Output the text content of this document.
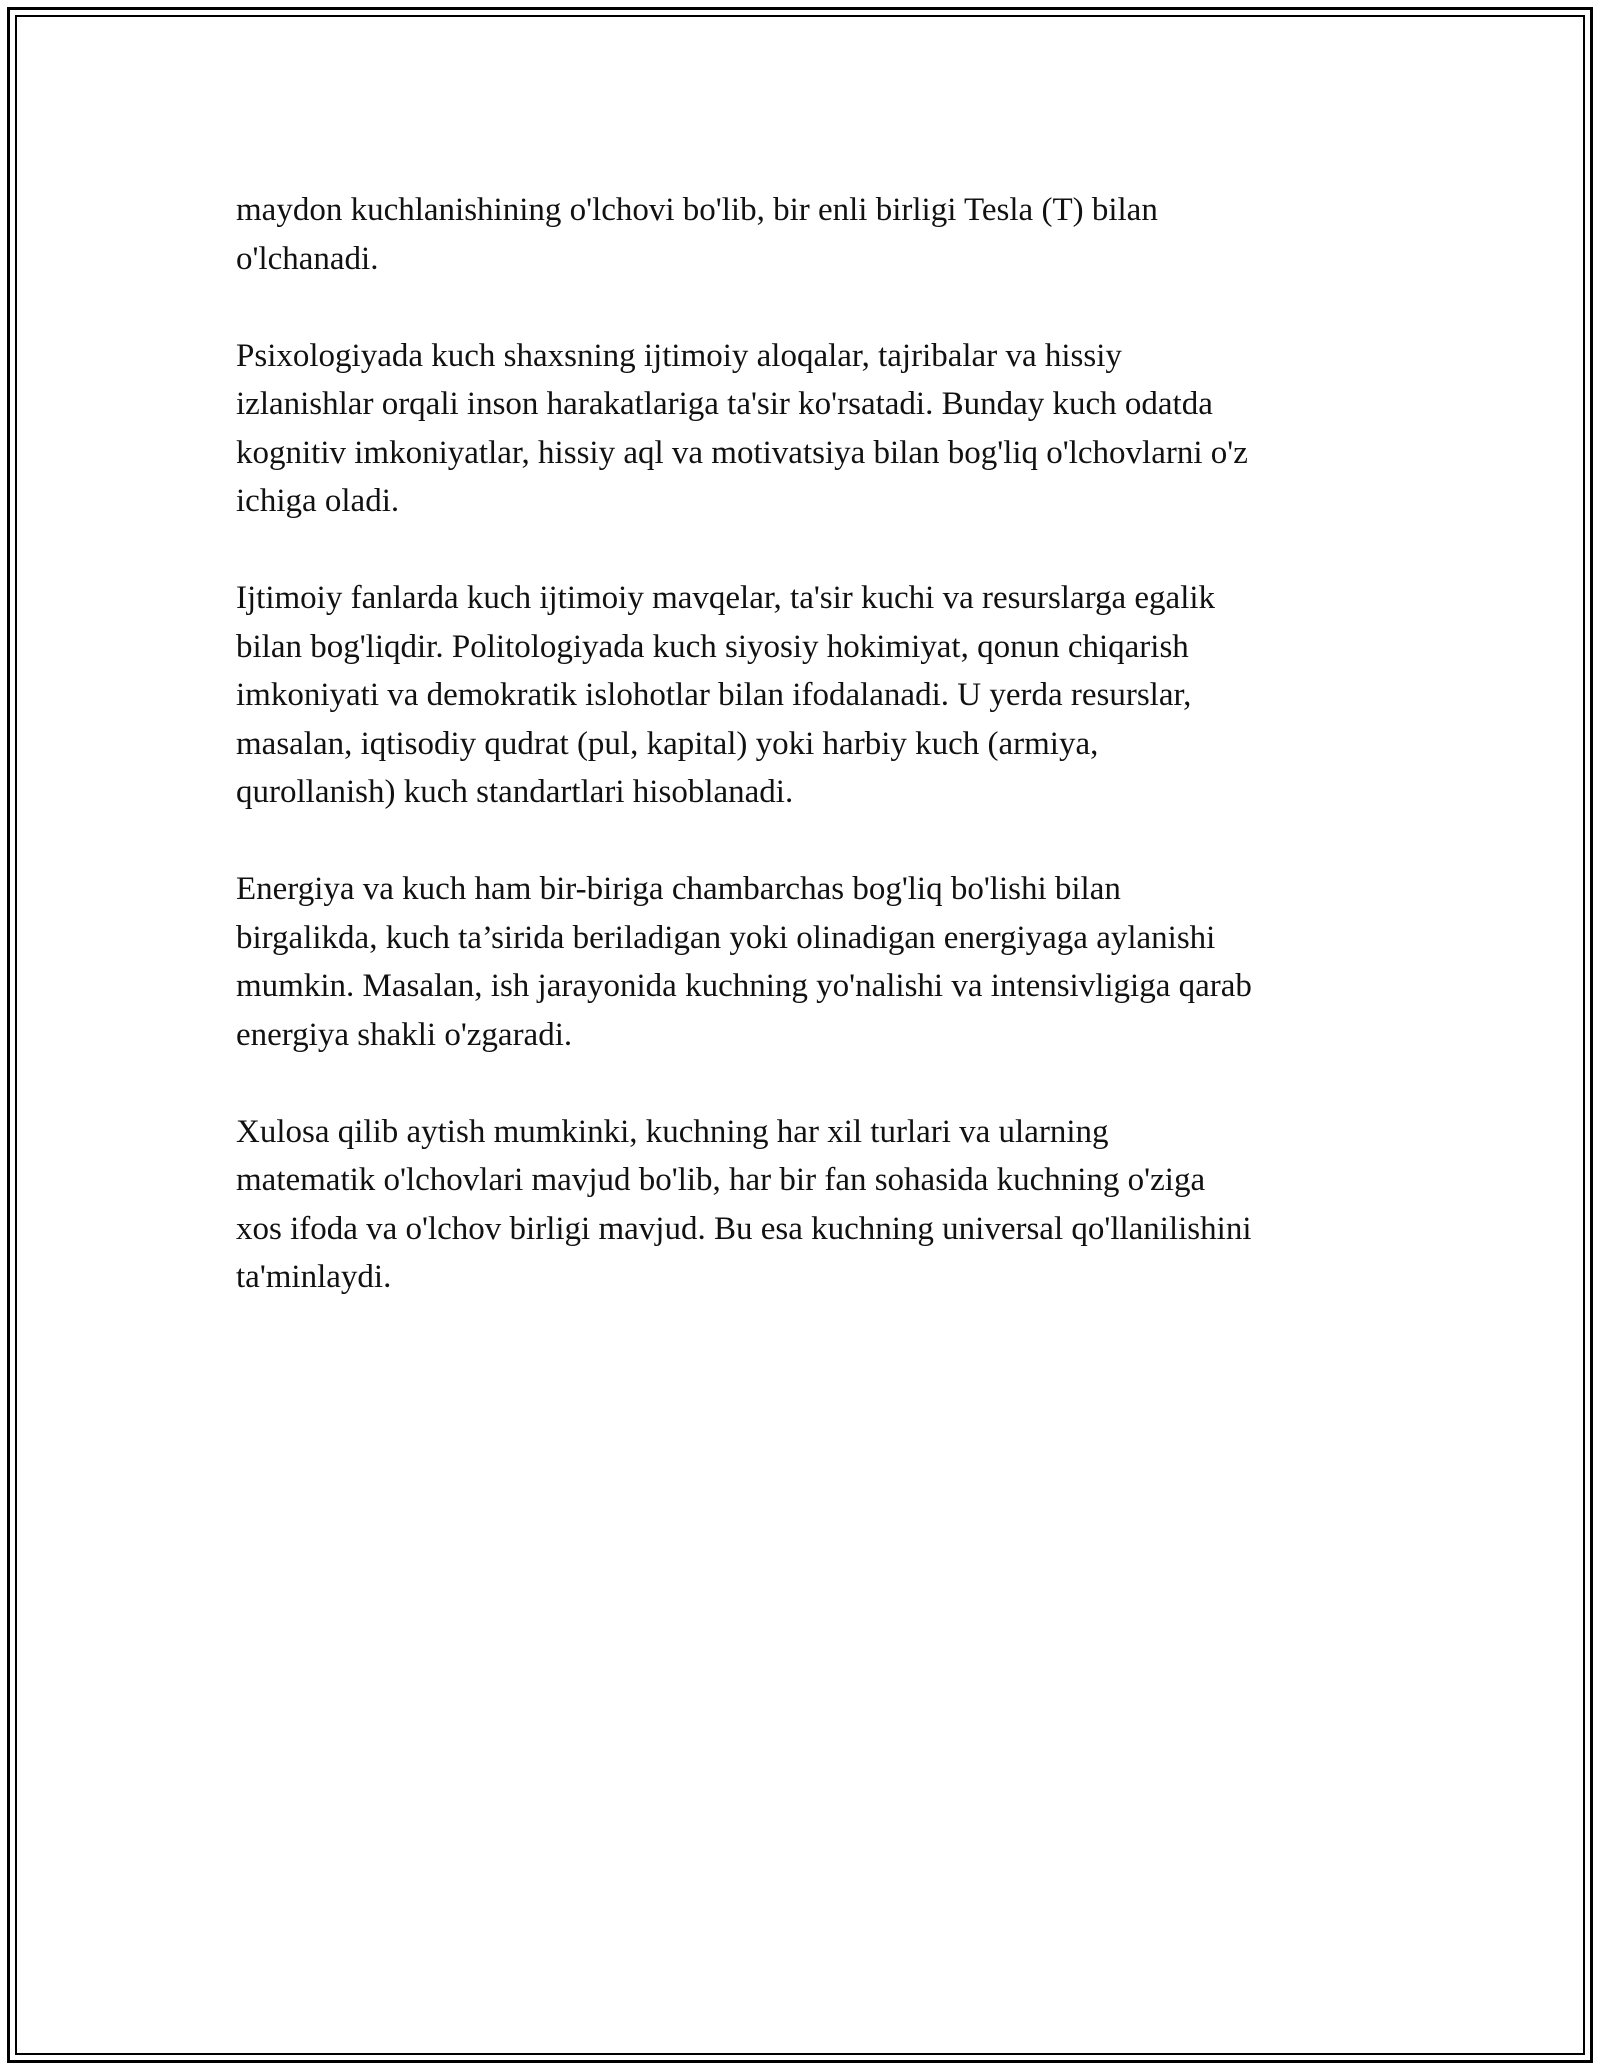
maydon kuchlanishining o'lchovi bo'lib, bir enli birligi Tesla (T) bilan
o'lchanadi.

Psixologiyada kuch shaxsning ijtimoiy aloqalar, tajribalar va hissiy
izlanishlar orqali inson harakatlariga ta'sir ko'rsatadi. Bunday kuch odatda
kognitiv imkoniyatlar, hissiy aql va motivatsiya bilan bog'liq o'lchovlarni o'z
ichiga oladi.

Ijtimoiy fanlarda kuch ijtimoiy mavqelar, ta'sir kuchi va resurslarga egalik
bilan bog'liqdir. Politologiyada kuch siyosiy hokimiyat, qonun chiqarish
imkoniyati va demokratik islohotlar bilan ifodalanadi. U yerda resurslar,
masalan, iqtisodiy qudrat (pul, kapital) yoki harbiy kuch (armiya,
qurollanish) kuch standartlari hisoblanadi.

Energiya va kuch ham bir-biriga chambarchas bog'liq bo'lishi bilan
birgalikda, kuch ta’sirida beriladigan yoki olinadigan energiyaga aylanishi
mumkin. Masalan, ish jarayonida kuchning yo'nalishi va intensivligiga qarab
energiya shakli o'zgaradi.

Xulosa qilib aytish mumkinki, kuchning har xil turlari va ularning
matematik o'lchovlari mavjud bo'lib, har bir fan sohasida kuchning o'ziga
xos ifoda va o'lchov birligi mavjud. Bu esa kuchning universal qo'llanilishini
ta'minlaydi.
